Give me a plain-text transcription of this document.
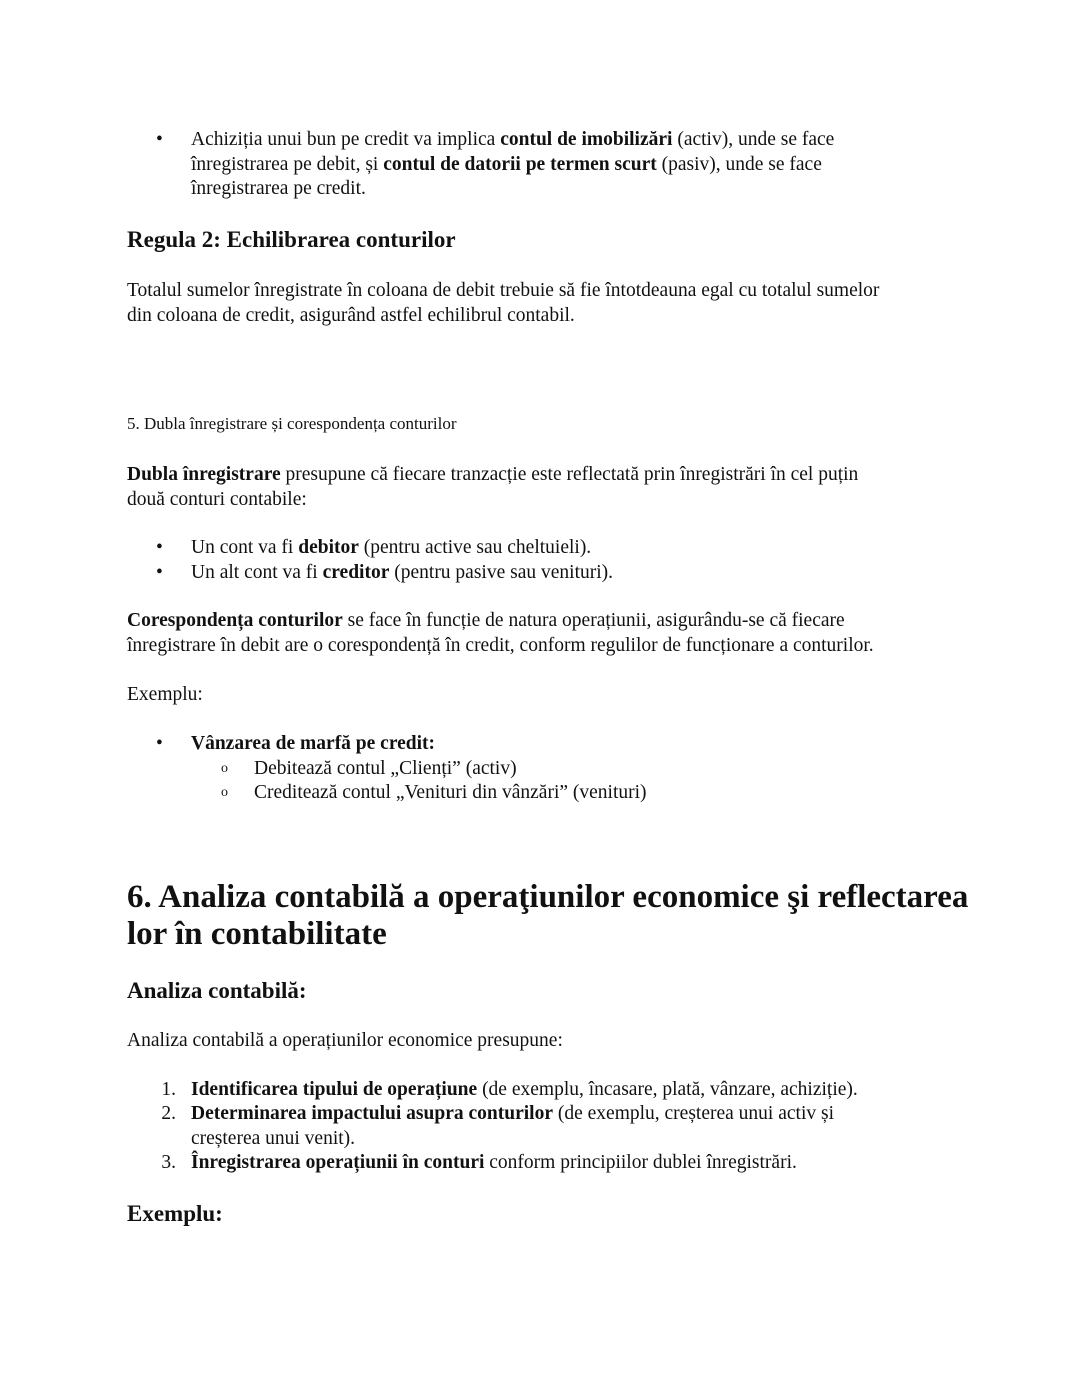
• Achiziția unui bun pe credit va implica contul de imobilizări (activ), unde se face
înregistrarea pe debit, și contul de datorii pe termen scurt (pasiv), unde se face
înregistrarea pe credit.
Regula 2: Echilibrarea conturilor
Totalul sumelor înregistrate în coloana de debit trebuie să fie întotdeauna egal cu totalul sumelor
din coloana de credit, asigurând astfel echilibrul contabil.
5. Dubla înregistrare și corespondența conturilor
Dubla înregistrare presupune că fiecare tranzacție este reflectată prin înregistrări în cel puțin
două conturi contabile:
• Un cont va fi debitor (pentru active sau cheltuieli).
• Un alt cont va fi creditor (pentru pasive sau venituri).
Corespondența conturilor se face în funcție de natura operațiunii, asigurându-se că fiecare
înregistrare în debit are o corespondență în credit, conform regulilor de funcționare a conturilor.
Exemplu:
• Vânzarea de marfă pe credit:
o Debitează contul „Clienți” (activ)
o Creditează contul „Venituri din vânzări” (venituri)
6. Analiza contabilă a operaţiunilor economice şi reflectarea
lor în contabilitate
Analiza contabilă:
Analiza contabilă a operațiunilor economice presupune:
1. Identificarea tipului de operațiune (de exemplu, încasare, plată, vânzare, achiziție).
2. Determinarea impactului asupra conturilor (de exemplu, creșterea unui activ și
creșterea unui venit).
3. Înregistrarea operațiunii în conturi conform principiilor dublei înregistrări.
Exemplu:
